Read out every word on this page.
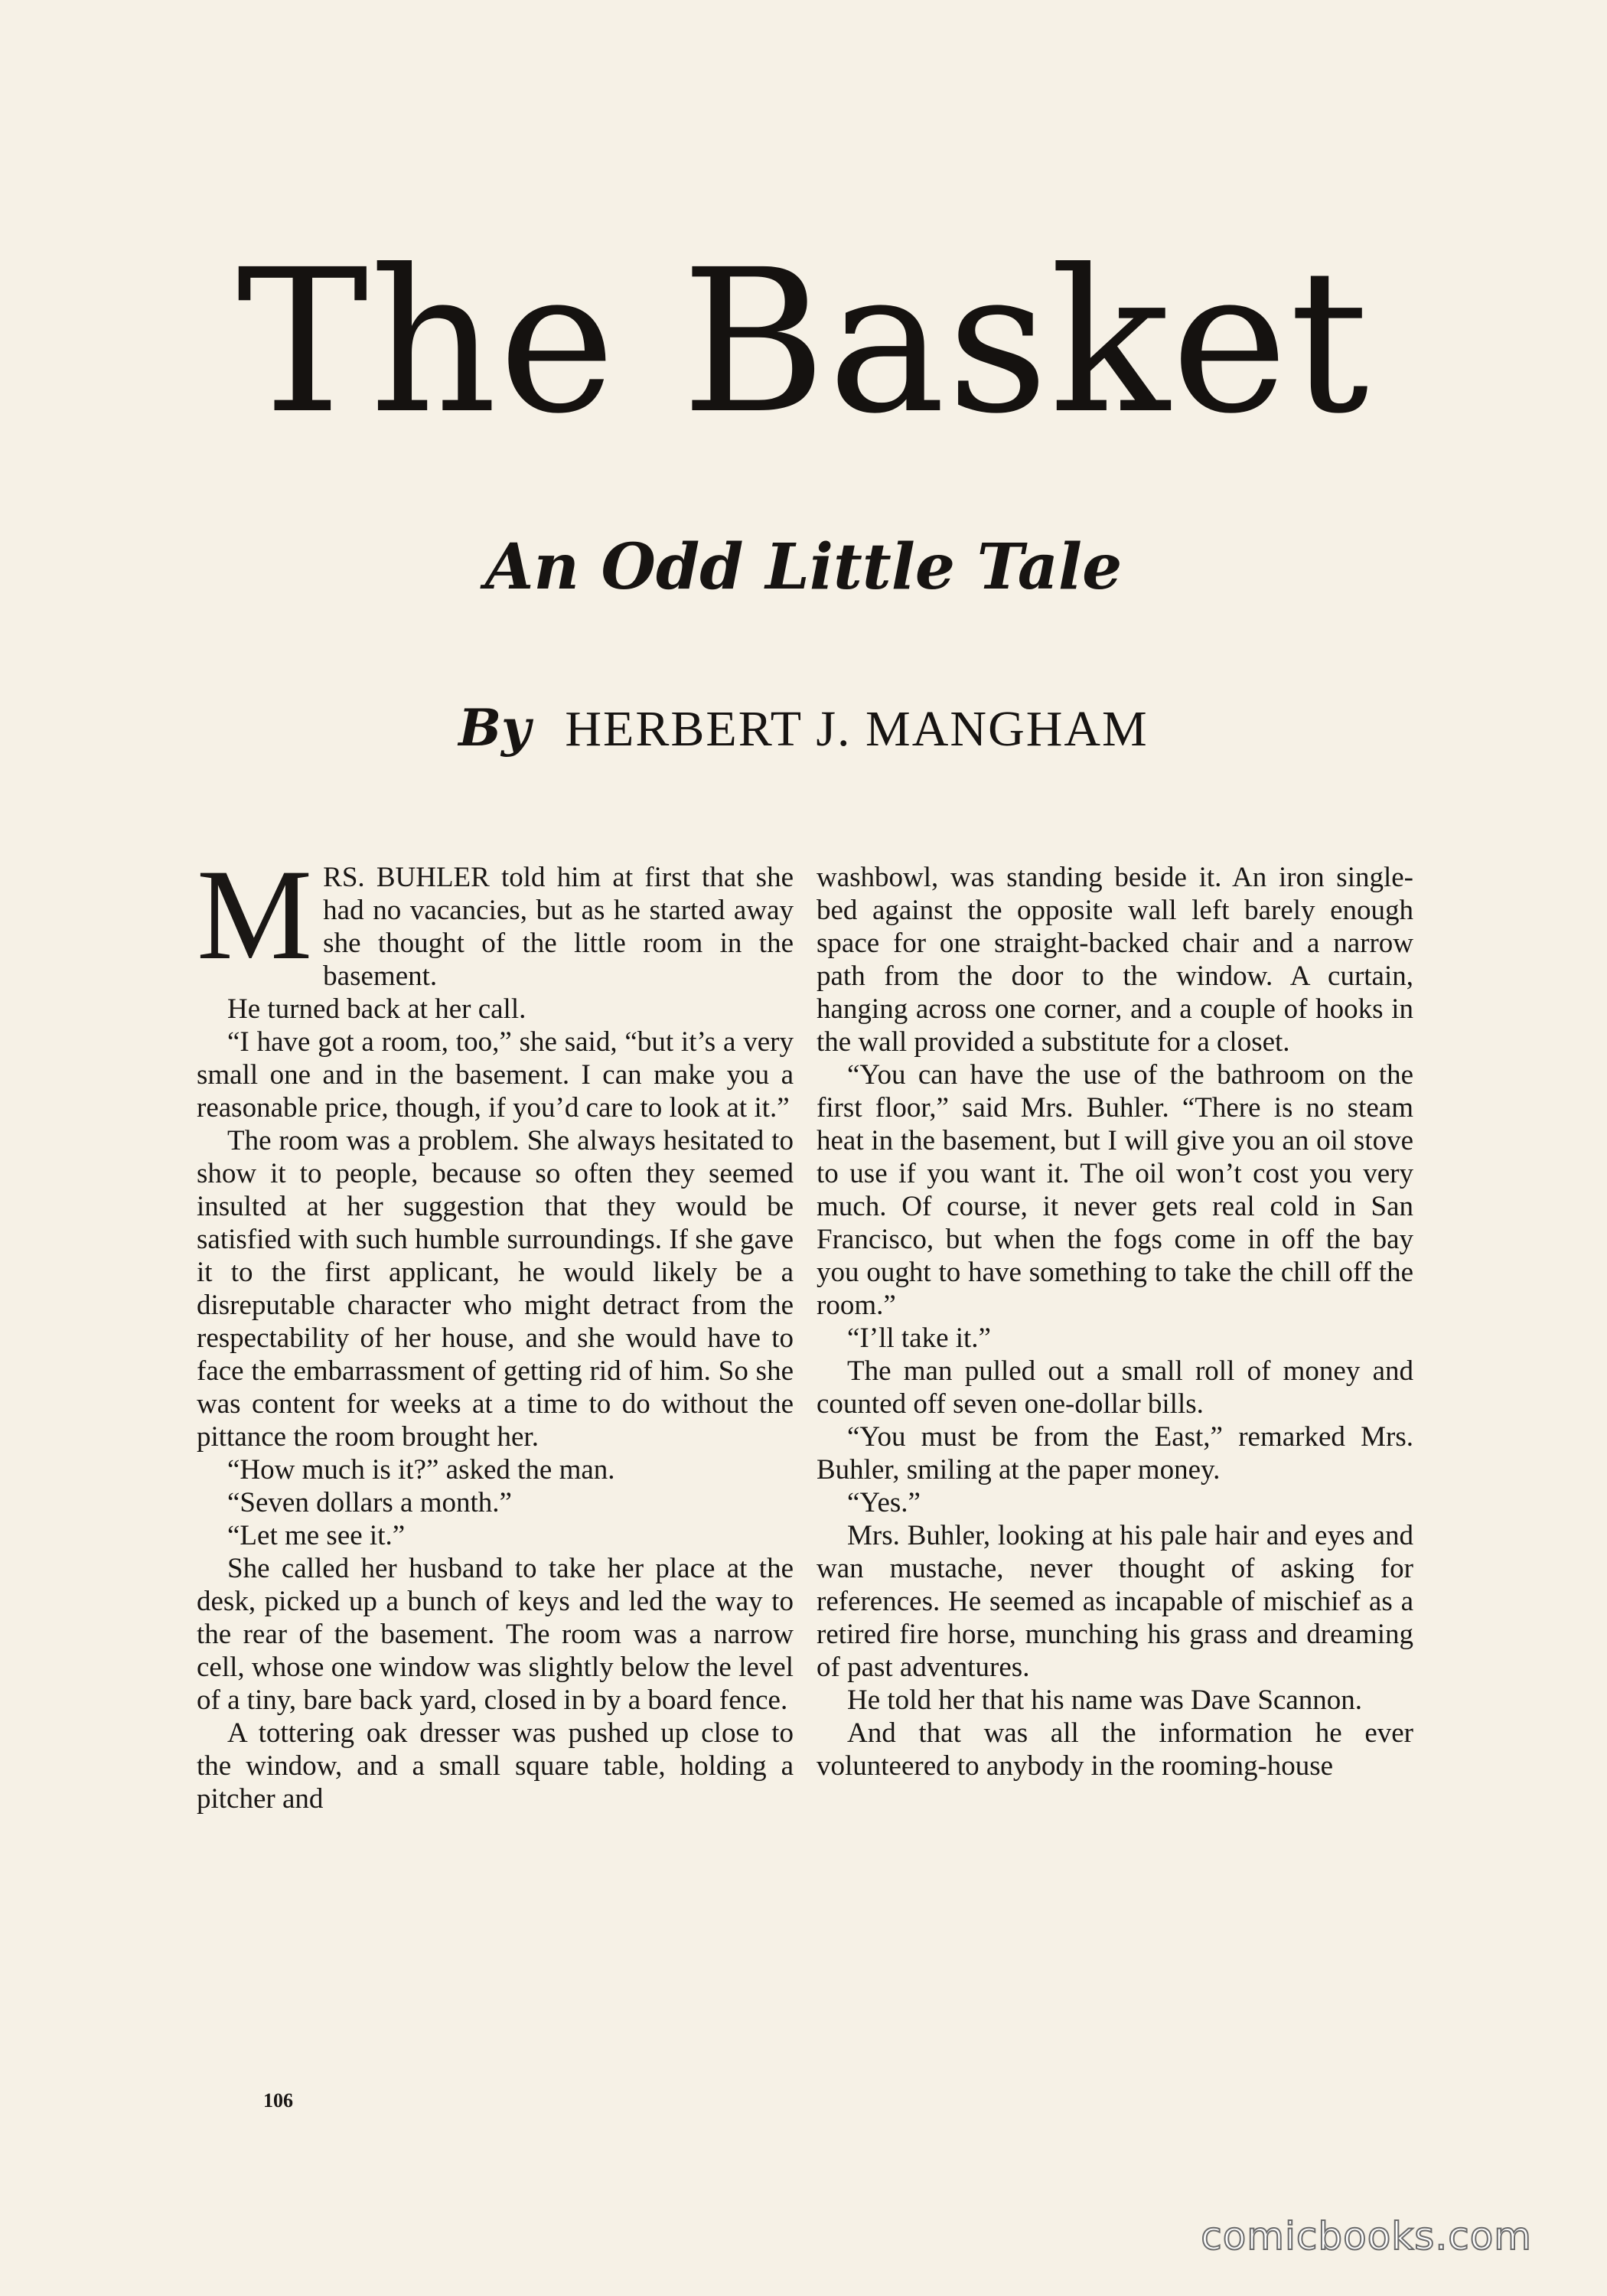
The Basket
An Odd Little Tale
By HERBERT J. MANGHAM

MRS. BUHLER told him at first that she had no vacancies, but as he started away she thought of the little room in the basement.

He turned back at her call.

“I have got a room, too,” she said, “but it’s a very small one and in the basement. I can make you a reasonable price, though, if you’d care to look at it.”

The room was a problem. She always hesitated to show it to people, because so often they seemed insulted at her suggestion that they would be satisfied with such humble surroundings. If she gave it to the first applicant, he would likely be a disreputable character who might detract from the respectability of her house, and she would have to face the embarrassment of getting rid of him. So she was content for weeks at a time to do without the pittance the room brought her.

“How much is it?” asked the man.

“Seven dollars a month.”

“Let me see it.”

She called her husband to take her place at the desk, picked up a bunch of keys and led the way to the rear of the basement. The room was a narrow cell, whose one window was slightly below the level of a tiny, bare back yard, closed in by a board fence.

A tottering oak dresser was pushed up close to the window, and a small square table, holding a pitcher and

washbowl, was standing beside it. An iron single-bed against the opposite wall left barely enough space for one straight-backed chair and a narrow path from the door to the window. A curtain, hanging across one corner, and a couple of hooks in the wall provided a substitute for a closet.

“You can have the use of the bathroom on the first floor,” said Mrs. Buhler. “There is no steam heat in the basement, but I will give you an oil stove to use if you want it. The oil won’t cost you very much. Of course, it never gets real cold in San Francisco, but when the fogs come in off the bay you ought to have something to take the chill off the room.”

“I’ll take it.”

The man pulled out a small roll of money and counted off seven one-dollar bills.

“You must be from the East,” remarked Mrs. Buhler, smiling at the paper money.

“Yes.”

Mrs. Buhler, looking at his pale hair and eyes and wan mustache, never thought of asking for references. He seemed as incapable of mischief as a retired fire horse, munching his grass and dreaming of past adventures.

He told her that his name was Dave Scannon.

And that was all the information he ever volunteered to anybody in the rooming-house

106
comicbooks.com
